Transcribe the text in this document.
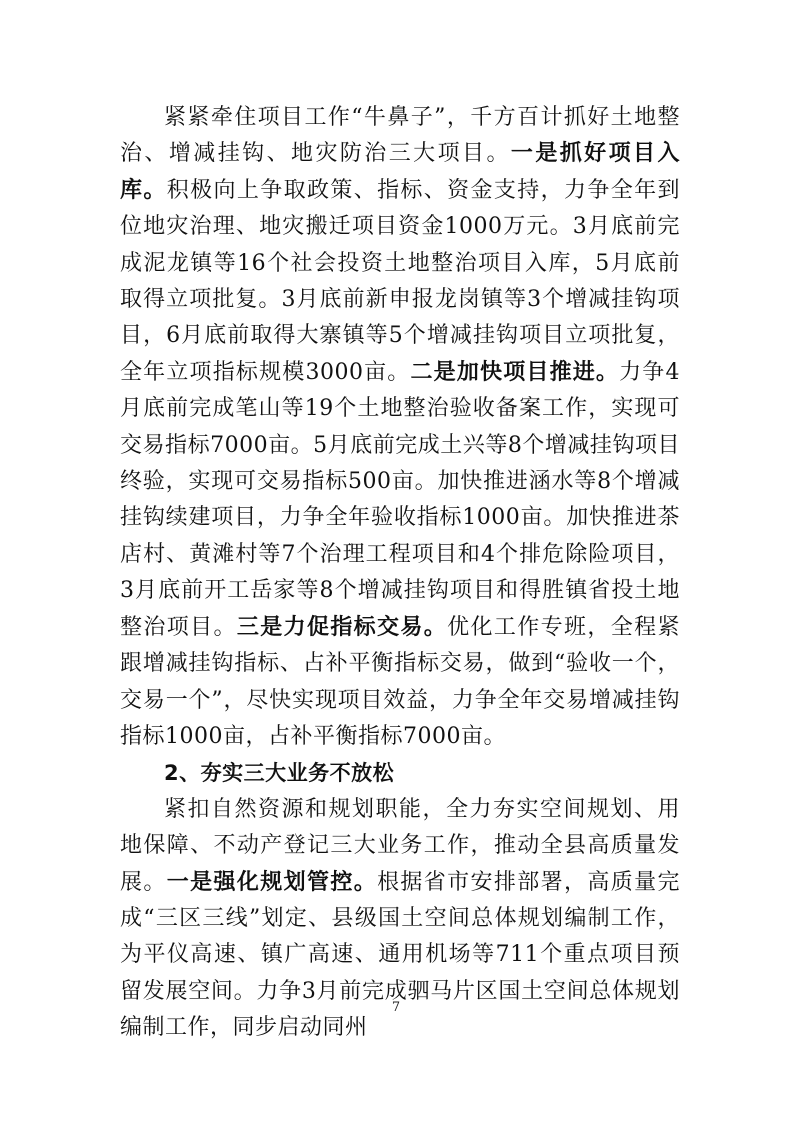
紧紧牵住项目工作“牛鼻子”，千方百计抓好土地整治、增减挂钩、地灾防治三大项目。一是抓好项目入库。积极向上争取政策、指标、资金支持，力争全年到位地灾治理、地灾搬迁项目资金1000万元。3月底前完成泥龙镇等16个社会投资土地整治项目入库，5月底前取得立项批复。3月底前新申报龙岗镇等3个增减挂钩项目，6月底前取得大寨镇等5个增减挂钩项目立项批复，全年立项指标规模3000亩。二是加快项目推进。力争4月底前完成笔山等19个土地整治验收备案工作，实现可交易指标7000亩。5月底前完成土兴等8个增减挂钩项目终验，实现可交易指标500亩。加快推进涵水等8个增减挂钩续建项目，力争全年验收指标1000亩。加快推进茶店村、黄滩村等7个治理工程项目和4个排危除险项目，3月底前开工岳家等8个增减挂钩项目和得胜镇省投土地整治项目。三是力促指标交易。优化工作专班，全程紧跟增减挂钩指标、占补平衡指标交易，做到“验收一个，交易一个”，尽快实现项目效益，力争全年交易增减挂钩指标1000亩，占补平衡指标7000亩。

2、夯实三大业务不放松

紧扣自然资源和规划职能，全力夯实空间规划、用地保障、不动产登记三大业务工作，推动全县高质量发展。一是强化规划管控。根据省市安排部署，高质量完成“三区三线”划定、县级国土空间总体规划编制工作，为平仪高速、镇广高速、通用机场等711个重点项目预留发展空间。力争3月前完成驷马片区国土空间总体规划编制工作，同步启动同州

7
